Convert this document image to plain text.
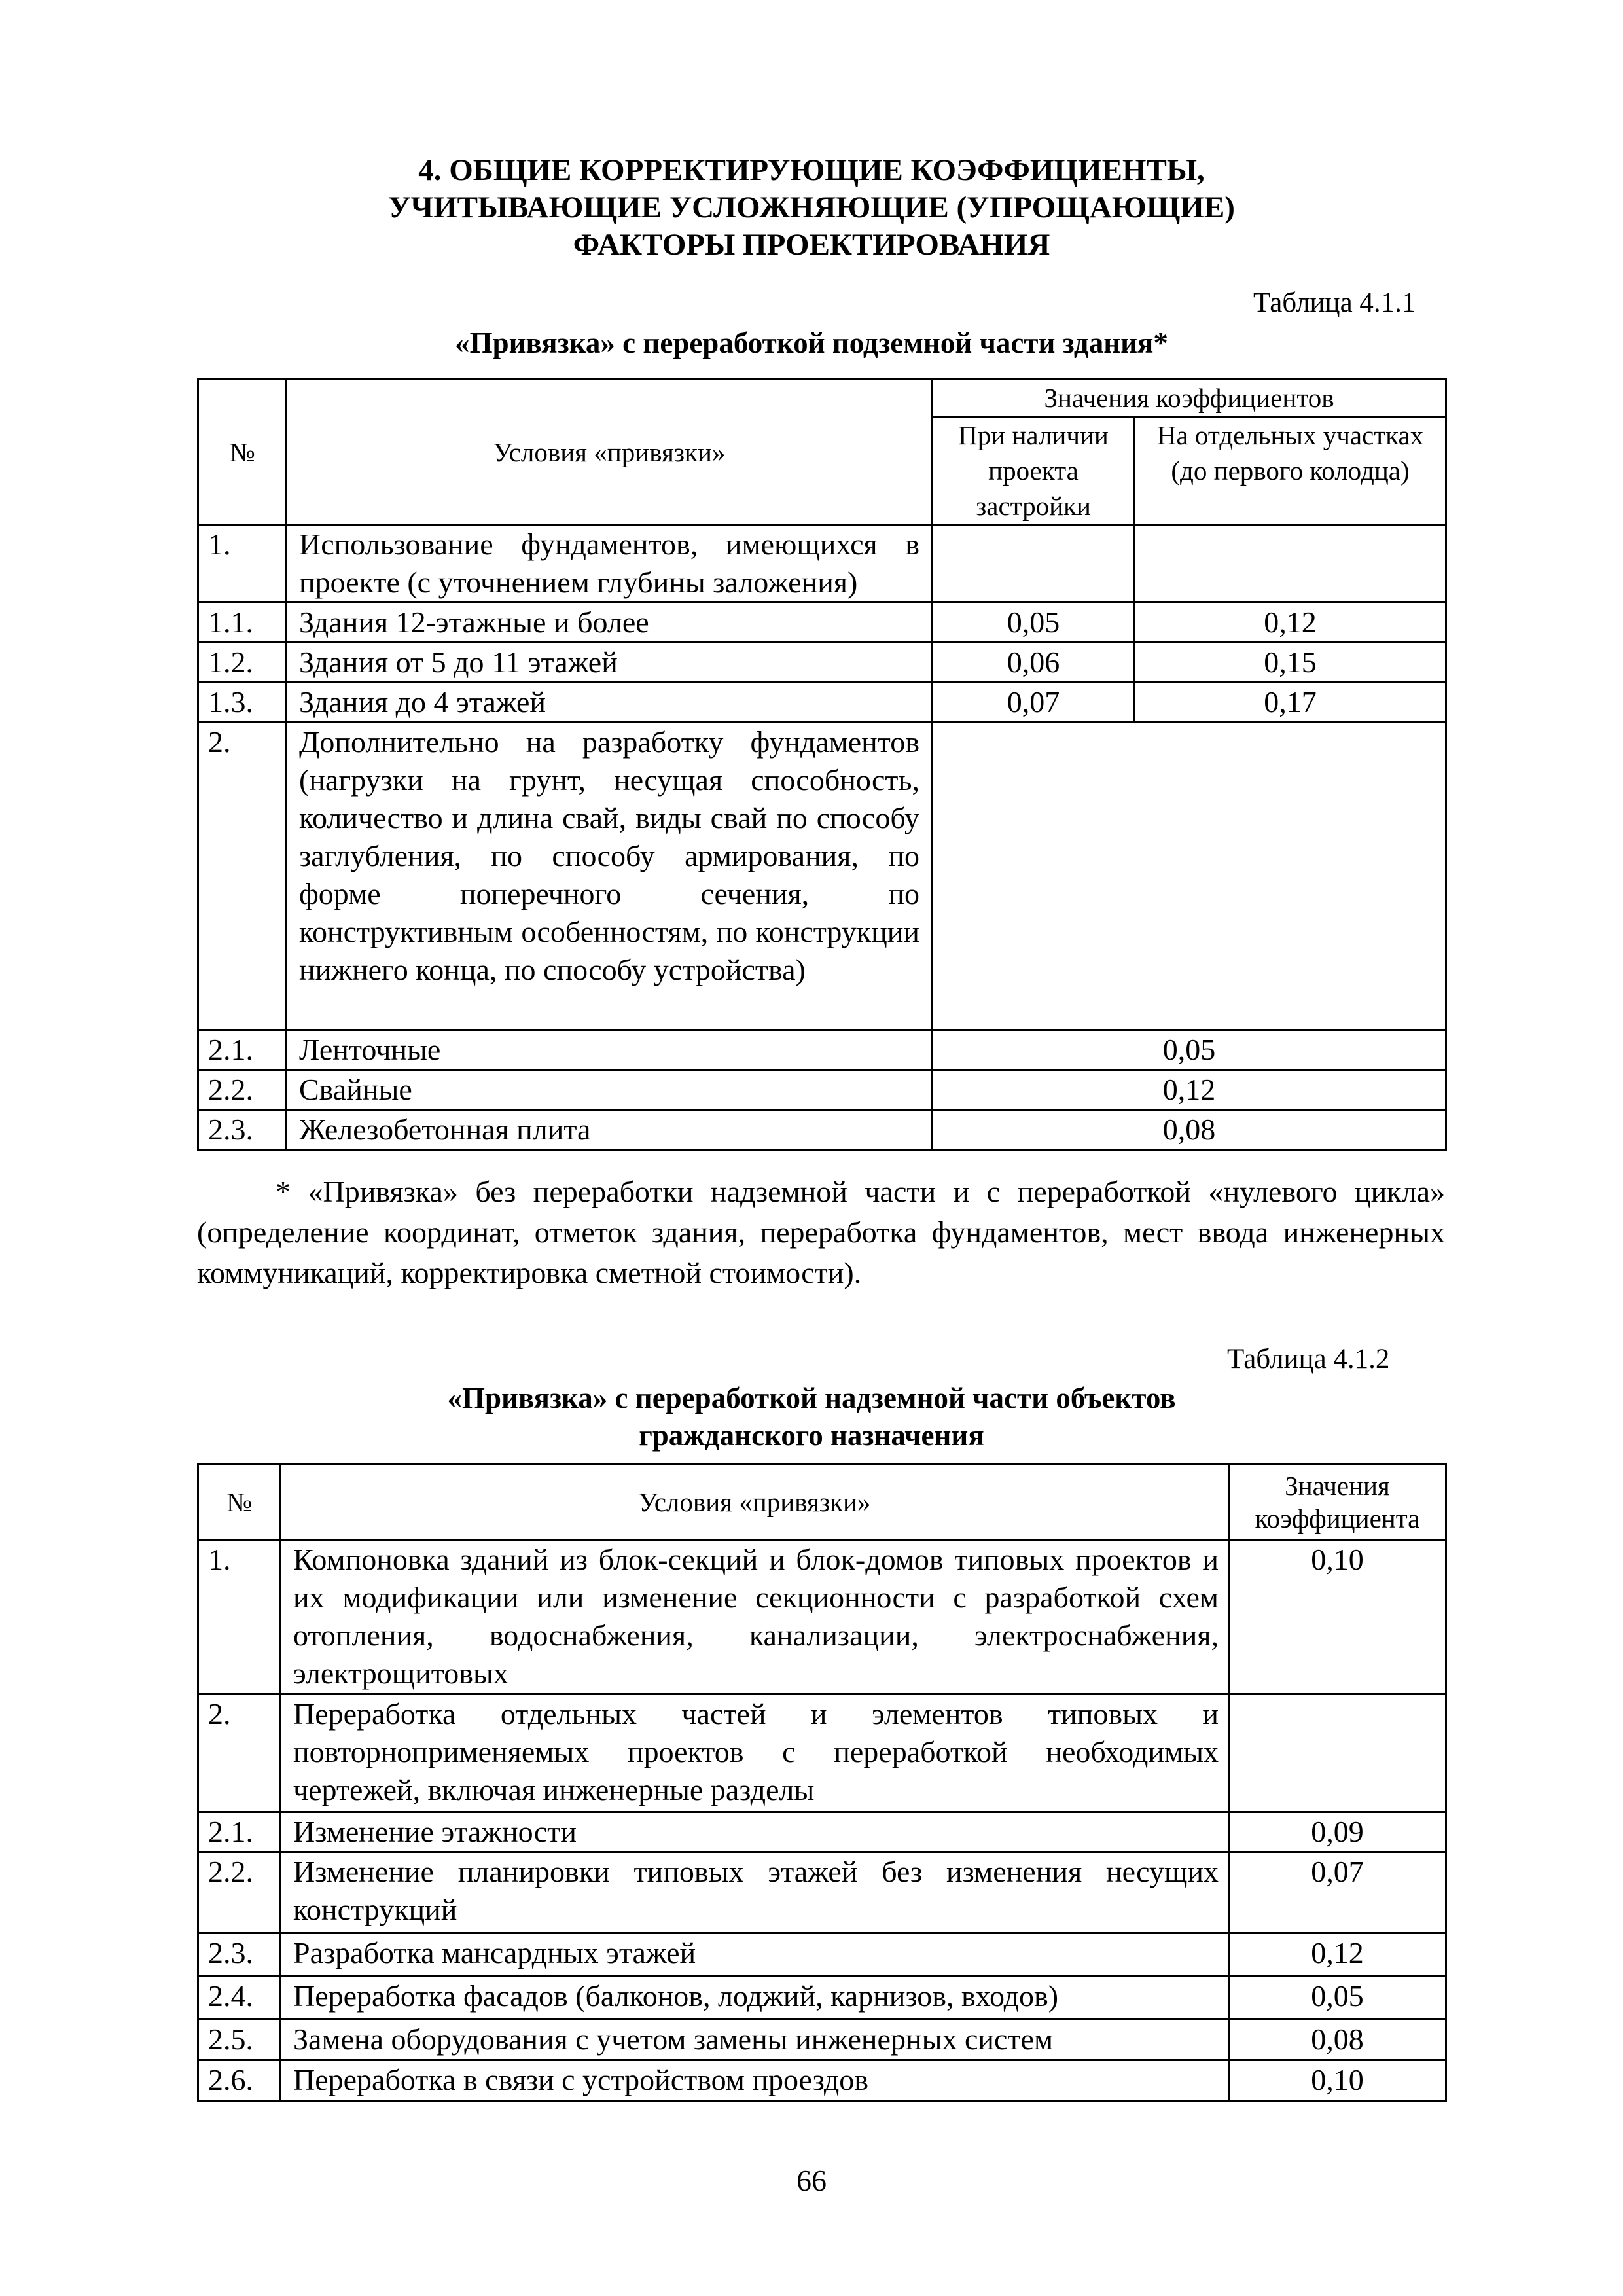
4. ОБЩИЕ КОРРЕКТИРУЮЩИЕ КОЭФФИЦИЕНТЫ,
УЧИТЫВАЮЩИЕ УСЛОЖНЯЮЩИЕ (УПРОЩАЮЩИЕ)
ФАКТОРЫ ПРОЕКТИРОВАНИЯ
Таблица 4.1.1
«Привязка» с переработкой подземной части здания*
№	Условия «привязки»	Значения коэффициентов	
		При наличии проекта застройки	На отдельных участках (до первого колодца)
1.	Использование фундаментов, имеющихся в проекте (с уточнением глубины заложения)		
1.1.	Здания 12-этажные и более	0,05	0,12
1.2.	Здания от 5 до 11 этажей	0,06	0,15
1.3.	Здания до 4 этажей	0,07	0,17
2.	Дополнительно на разработку фундаментов (нагрузки на грунт, несущая способность, количество и длина свай, виды свай по способу заглубления, по способу армирования, по форме поперечного сечения, по конструктивным особенностям, по конструкции нижнего конца, по способу устройства)		
2.1.	Ленточные	0,05	
2.2.	Свайные	0,12	
2.3.	Железобетонная плита	0,08	
* «Привязка» без переработки надземной части и с переработкой «нулевого цикла» (определение координат, отметок здания, переработка фундаментов, мест ввода инженерных коммуникаций, корректировка сметной стоимости).
Таблица 4.1.2
«Привязка» с переработкой надземной части объектов
гражданского назначения
№	Условия «привязки»	Значения коэффициента
1.	Компоновка зданий из блок-секций и блок-домов типовых проектов и их модификации или изменение секционности с разработкой схем отопления, водоснабжения, канализации, электроснабжения, электрощитовых	0,10
2.	Переработка отдельных частей и элементов типовых и повторноприменяемых проектов с переработкой необходимых чертежей, включая инженерные разделы	
2.1.	Изменение этажности	0,09
2.2.	Изменение планировки типовых этажей без изменения несущих конструкций	0,07
2.3.	Разработка мансардных этажей	0,12
2.4.	Переработка фасадов (балконов, лоджий, карнизов, входов)	0,05
2.5.	Замена оборудования с учетом замены инженерных систем	0,08
2.6.	Переработка в связи с устройством проездов	0,10
66
